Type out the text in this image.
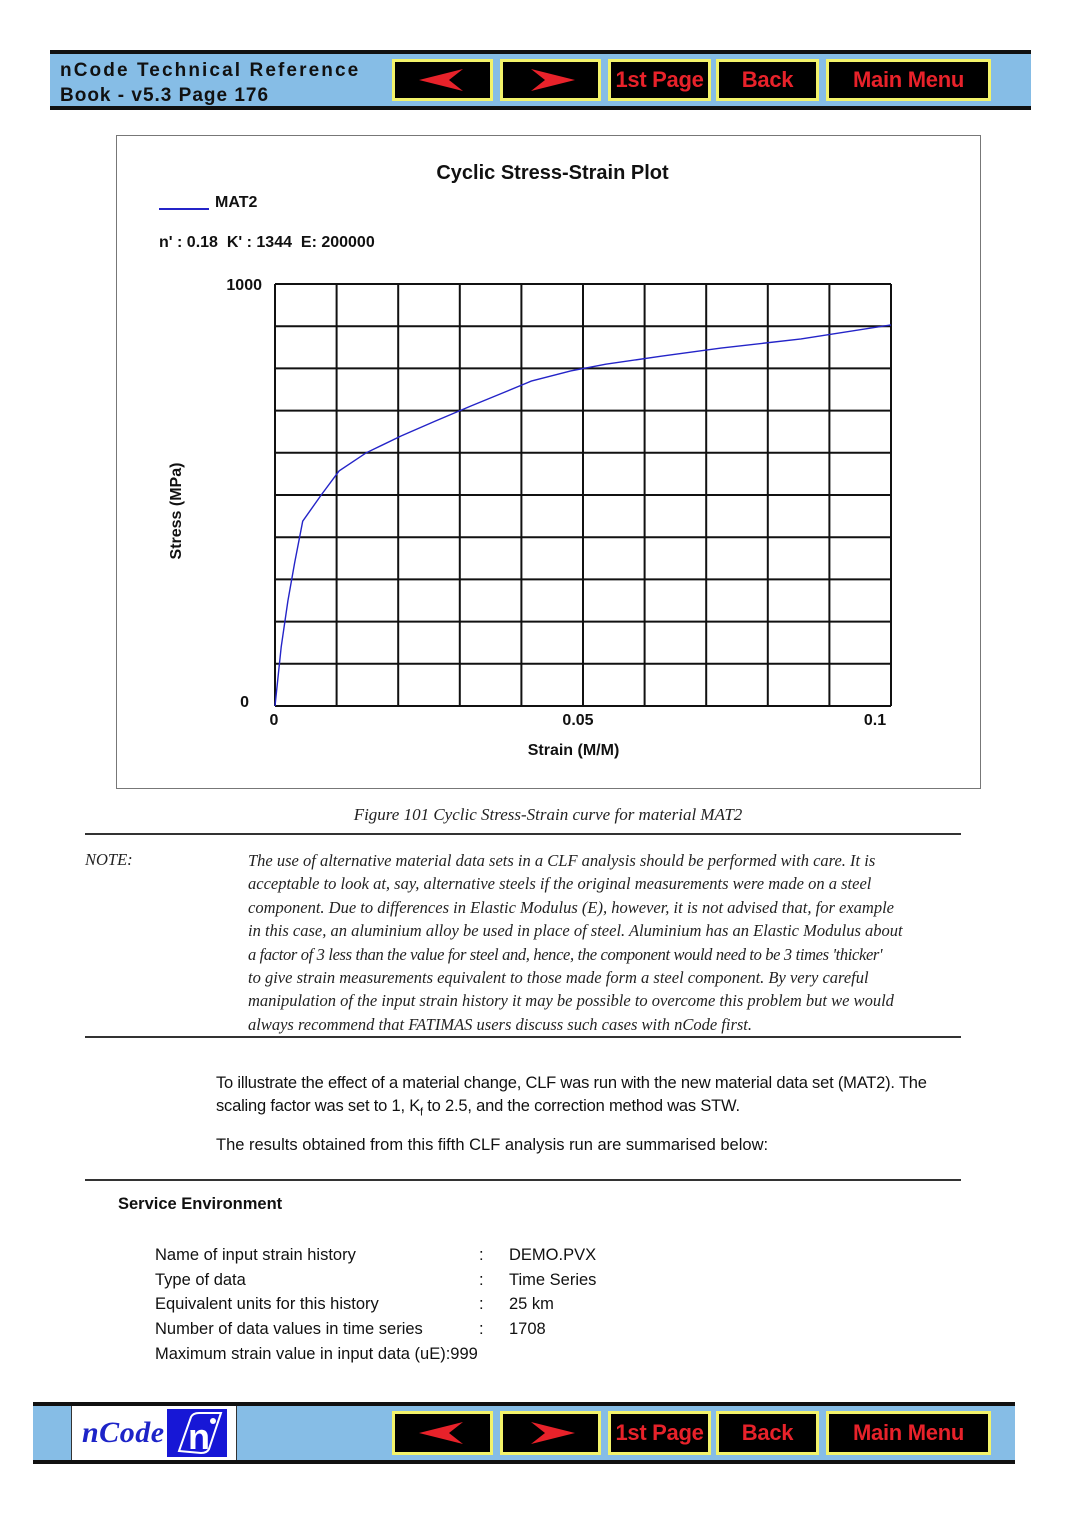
nCode Technical Reference
Book - v5.3 Page 176
1st Page Back	Main Menu
Cyclic Stress-Strain Plot
MAT2
n' : 0.18  K' : 1344  E: 200000
1000
0
0	0.05	0.1
Strain (M/M)
Stress (MPa)
Figure 101 Cyclic Stress-Strain curve for material MAT2
NOTE:	The use of alternative material data sets in a CLF analysis should be performed with care. It is
acceptable to look at, say, alternative steels if the original measurements were made on a steel
component. Due to differences in Elastic Modulus (E), however, it is not advised that, for example
in this case, an aluminium alloy be used in place of steel. Aluminium has an Elastic Modulus about
a factor of 3 less than the value for steel and, hence, the component would need to be 3 times 'thicker'
to give strain measurements equivalent to those made form a steel component. By very careful
manipulation of the input strain history it may be possible to overcome this problem but we would
always recommend that FATIMAS users discuss such cases with nCode first.
To illustrate the effect of a material change, CLF was run with the new material data set (MAT2). The
scaling factor was set to 1, $K_f$ to 2.5, and the correction method was STW.
The results obtained from this fifth CLF analysis run are summarised below:
Service Environment
Name of input strain history	:	DEMO.PVX
Type of data	:	Time Series
Equivalent units for this history	:	25 km
Number of data values in time series	:	1708
Maximum strain value in input data (uE):999
nCode n	1st Page Back	Main Menu
